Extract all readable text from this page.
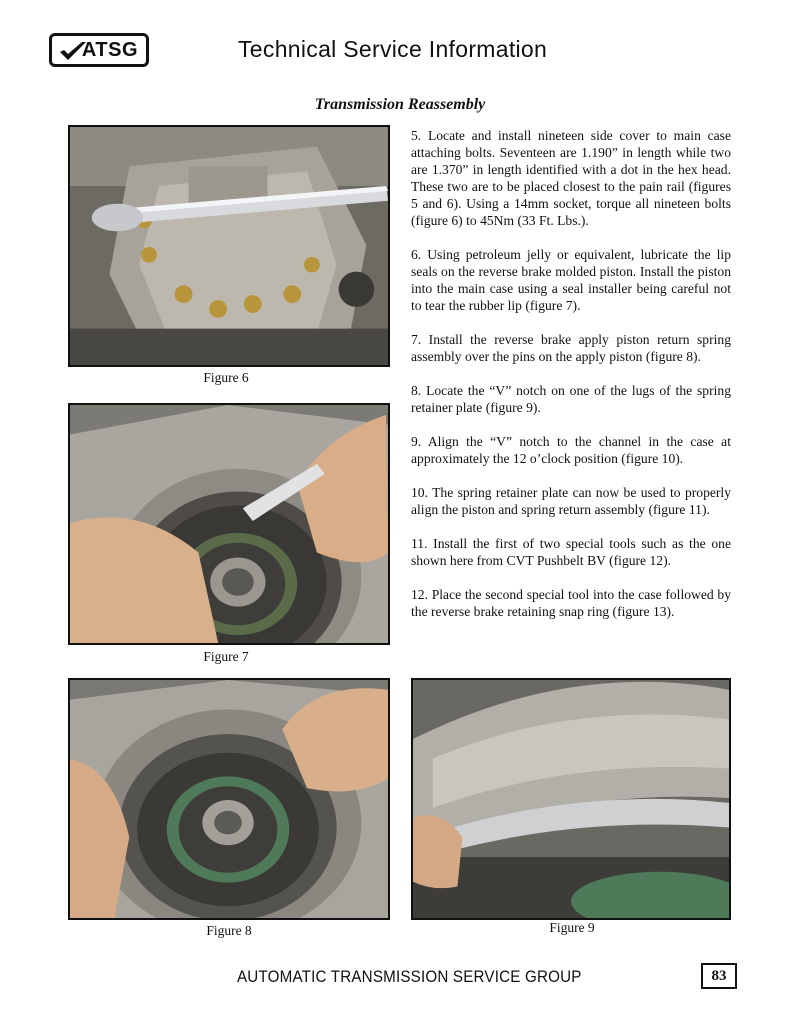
ATSG	Technical Service Information
Transmission Reassembly
Figure 6
Figure 7
Figure 8	Figure 9

5. Locate and install nineteen side cover to main case attaching bolts. Seventeen are 1.190” in length while two are 1.370” in length identified with a dot in the hex head. These two are to be placed closest to the pain rail (figures 5 and 6). Using a 14mm socket, torque all nineteen bolts (figure 6) to 45Nm (33 Ft. Lbs.).

6. Using petroleum jelly or equivalent, lubricate the lip seals on the reverse brake molded piston. Install the piston into the main case using a seal installer being careful not to tear the rubber lip (figure 7).

7. Install the reverse brake apply piston return spring assembly over the pins on the apply piston (figure 8).

8. Locate the “V” notch on one of the lugs of the spring retainer plate (figure 9).

9. Align the “V” notch to the channel in the case at approximately the 12 o’clock position (figure 10).

10. The spring retainer plate can now be used to properly align the piston and spring return assembly (figure 11).

11. Install the first of two special tools such as the one shown here from CVT Pushbelt BV (figure 12).

12. Place the second special tool into the case followed by the reverse brake retaining snap ring (figure 13).

AUTOMATIC TRANSMISSION SERVICE GROUP	83
